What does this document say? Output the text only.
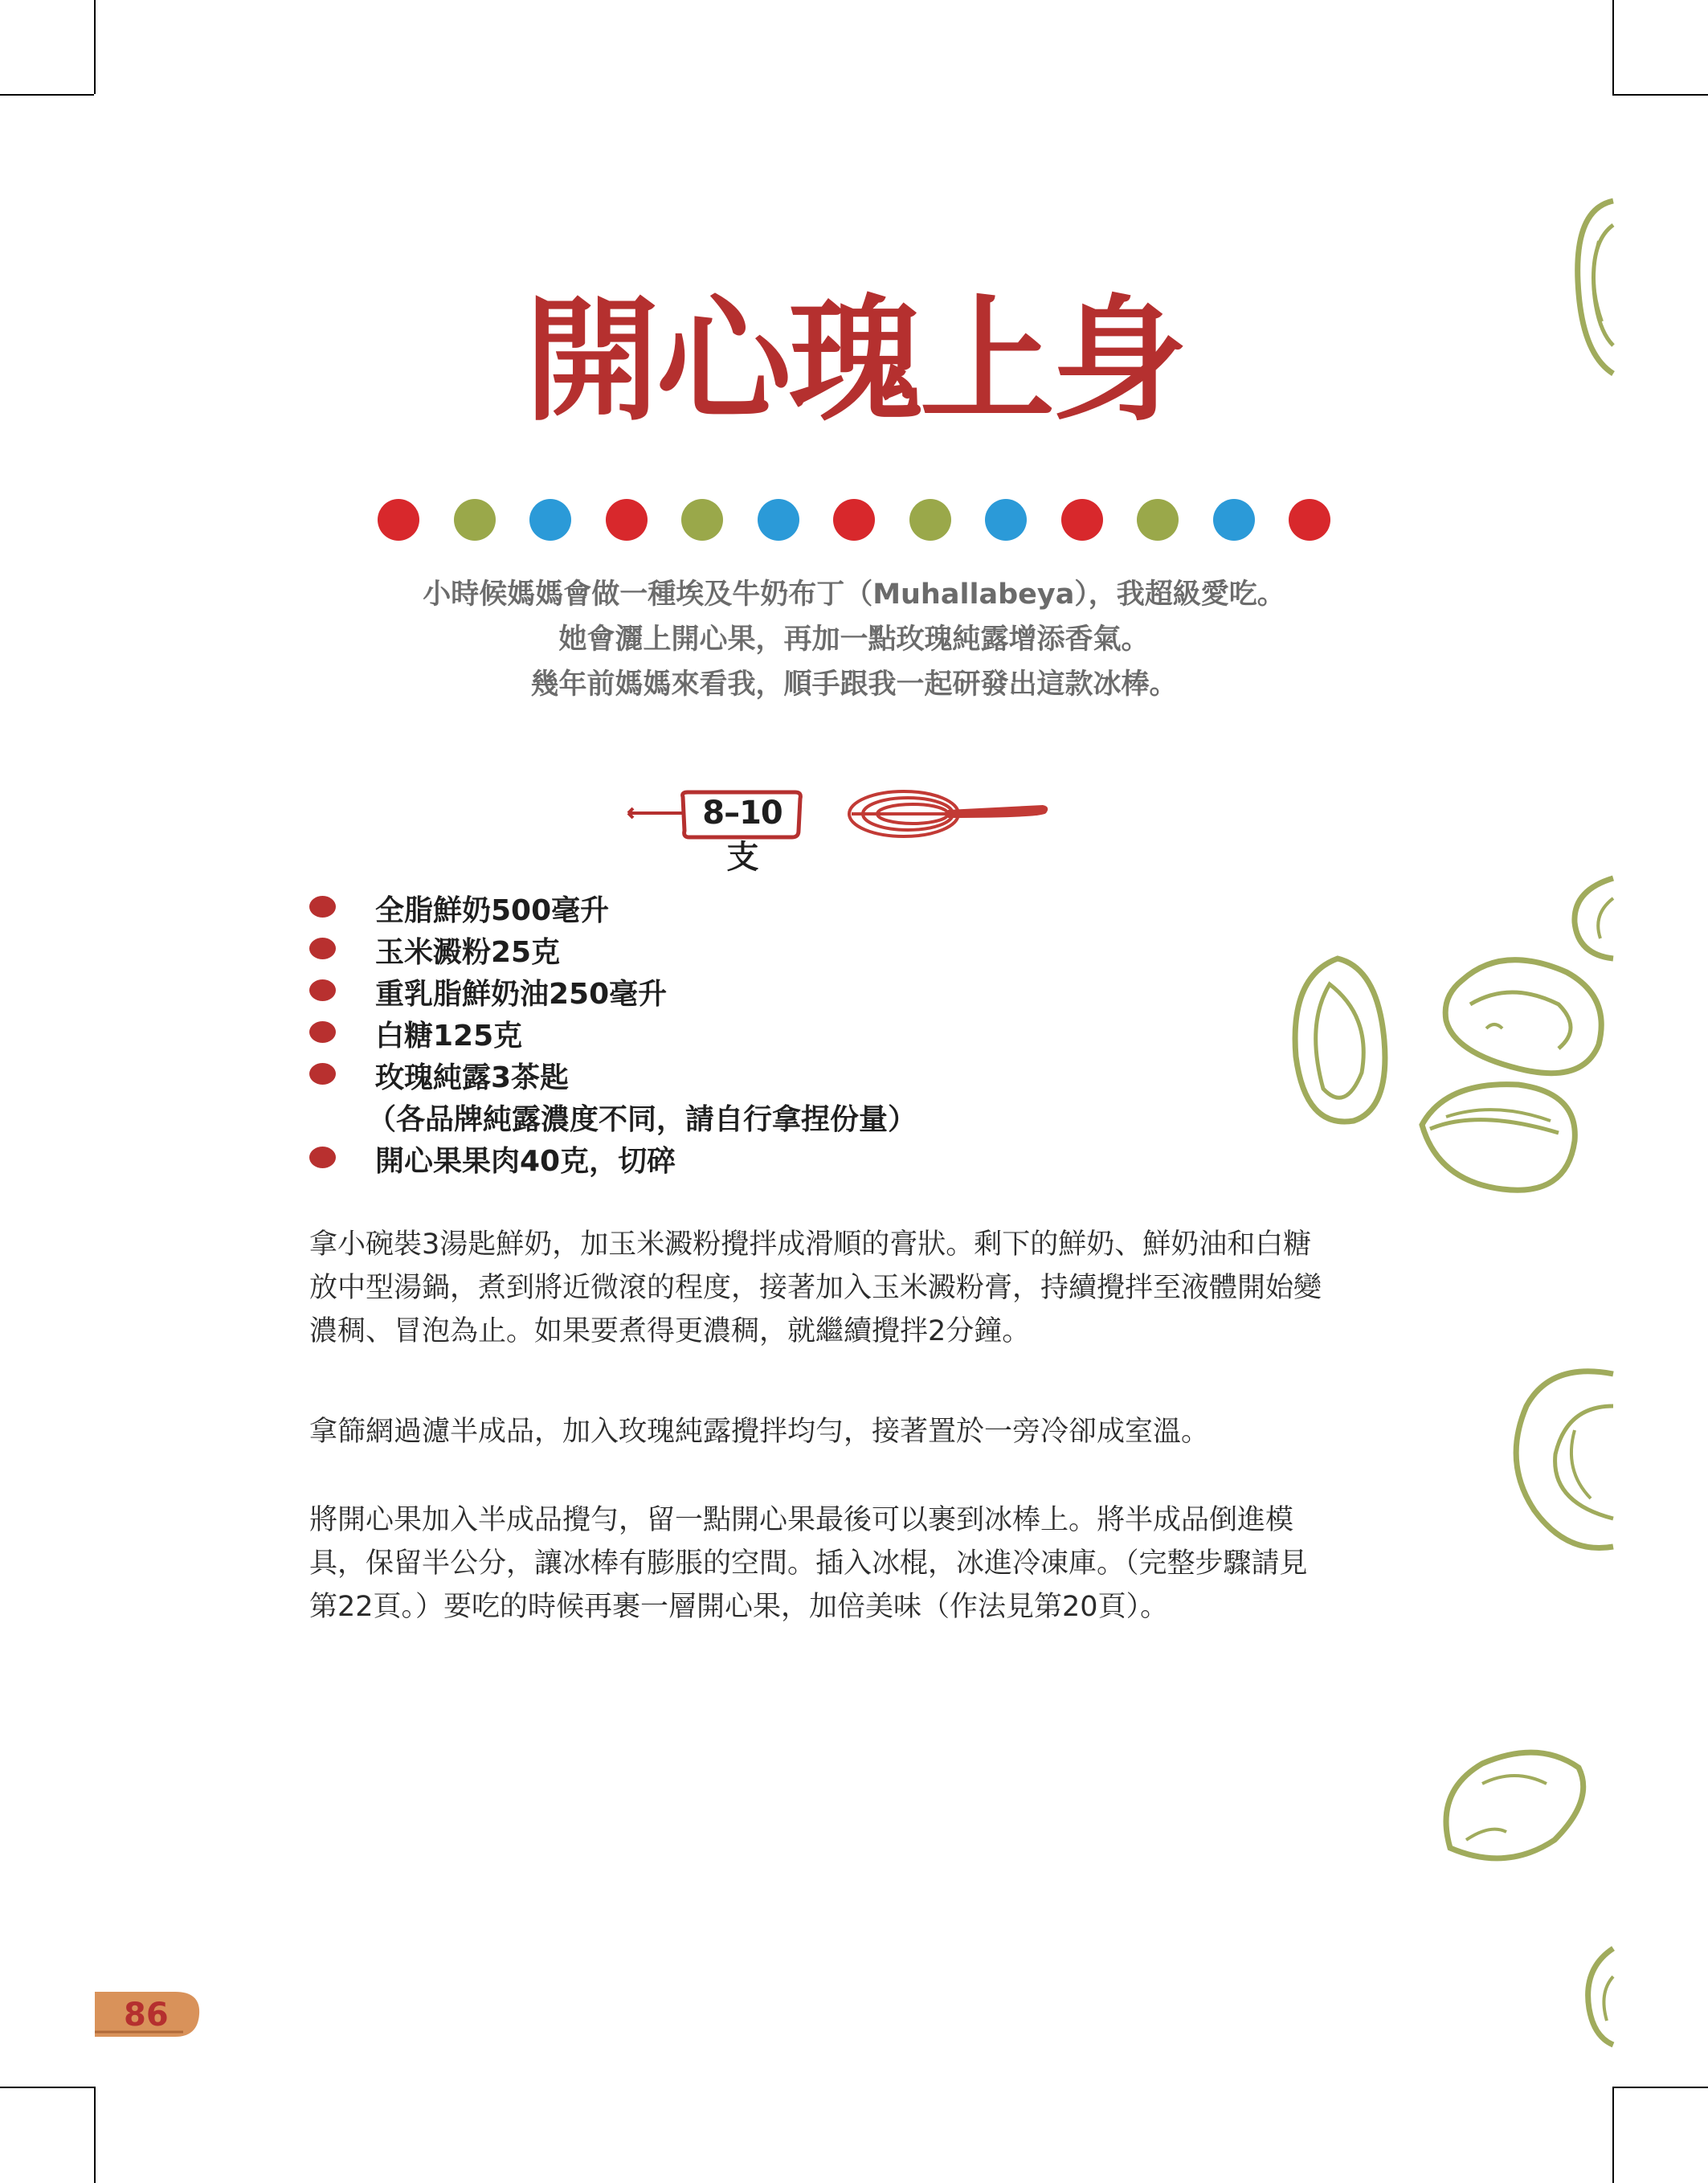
開心瑰上身
小時候媽媽會做一種埃及牛奶布丁（Muhallabeya），我超級愛吃。
她會灑上開心果，再加一點玫瑰純露增添香氣。
幾年前媽媽來看我，順手跟我一起研發出這款冰棒。
8–10支
全脂鮮奶500毫升
玉米澱粉25克
重乳脂鮮奶油250毫升
白糖125克
玫瑰純露3茶匙
（各品牌純露濃度不同，請自行拿捏份量）
開心果果肉40克，切碎
拿小碗裝3湯匙鮮奶，加玉米澱粉攪拌成滑順的膏狀。剩下的鮮奶、鮮奶油和白糖
放中型湯鍋，煮到將近微滾的程度，接著加入玉米澱粉膏，持續攪拌至液體開始變
濃稠、冒泡為止。如果要煮得更濃稠，就繼續攪拌2分鐘。
拿篩網過濾半成品，加入玫瑰純露攪拌均勻，接著置於一旁冷卻成室溫。
將開心果加入半成品攪勻，留一點開心果最後可以裹到冰棒上。將半成品倒進模
具，保留半公分，讓冰棒有膨脹的空間。插入冰棍，冰進冷凍庫。（完整步驟請見
第22頁。）要吃的時候再裹一層開心果，加倍美味（作法見第20頁）。
86
